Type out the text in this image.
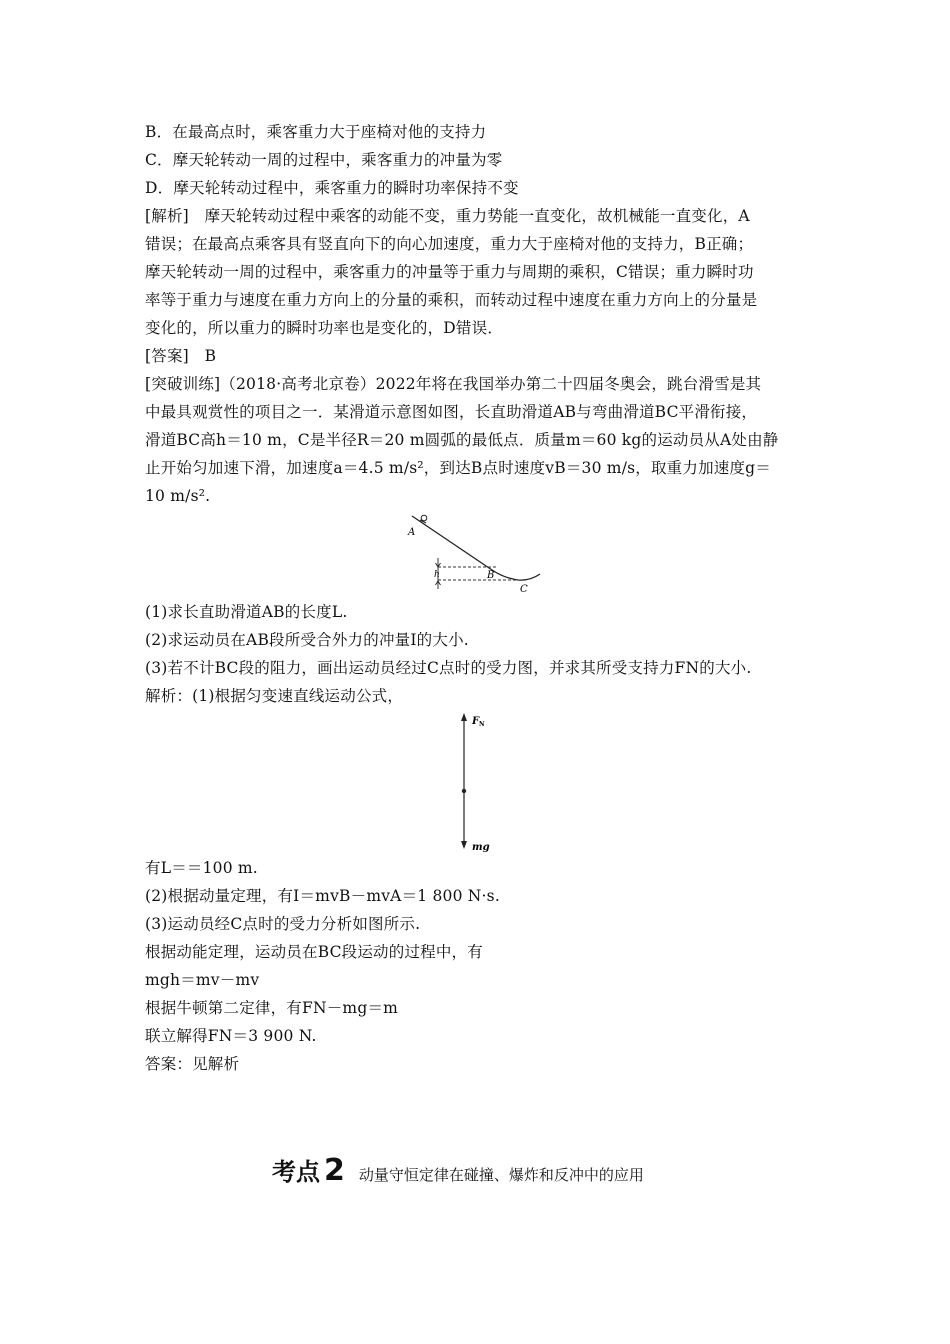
B．在最高点时，乘客重力大于座椅对他的支持力
C．摩天轮转动一周的过程中，乘客重力的冲量为零
D．摩天轮转动过程中，乘客重力的瞬时功率保持不变
[解析]　摩天轮转动过程中乘客的动能不变，重力势能一直变化，故机械能一直变化，A
错误；在最高点乘客具有竖直向下的向心加速度，重力大于座椅对他的支持力，B正确；
摩天轮转动一周的过程中，乘客重力的冲量等于重力与周期的乘积，C错误；重力瞬时功
率等于重力与速度在重力方向上的分量的乘积，而转动过程中速度在重力方向上的分量是
变化的，所以重力的瞬时功率也是变化的，D错误．
[答案]　B
[突破训练]（2018·高考北京卷）2022年将在我国举办第二十四届冬奥会，跳台滑雪是其
中最具观赏性的项目之一．某滑道示意图如图，长直助滑道AB与弯曲滑道BC平滑衔接，
滑道BC高h＝10 m，C是半径R＝20 m圆弧的最低点．质量m＝60 kg的运动员从A处由静
止开始匀加速下滑，加速度a＝4.5 m/s²，到达B点时速度vB＝30 m/s，取重力加速度g＝
10 m/s².
A
B
C
h
(1)求长直助滑道AB的长度L.
(2)求运动员在AB段所受合外力的冲量I的大小.
(3)若不计BC段的阻力，画出运动员经过C点时的受力图，并求其所受支持力FN的大小.
解析：(1)根据匀变速直线运动公式，
F N
mg
有L＝＝100 m.
(2)根据动量定理，有I＝mvB－mvA＝1 800 N·s.
(3)运动员经C点时的受力分析如图所示.
根据动能定理，运动员在BC段运动的过程中，有
mgh＝mv－mv
根据牛顿第二定律，有FN－mg＝m
联立解得FN＝3 900 N.
答案：见解析
考点 2 动量守恒定律在碰撞、爆炸和反冲中的应用
